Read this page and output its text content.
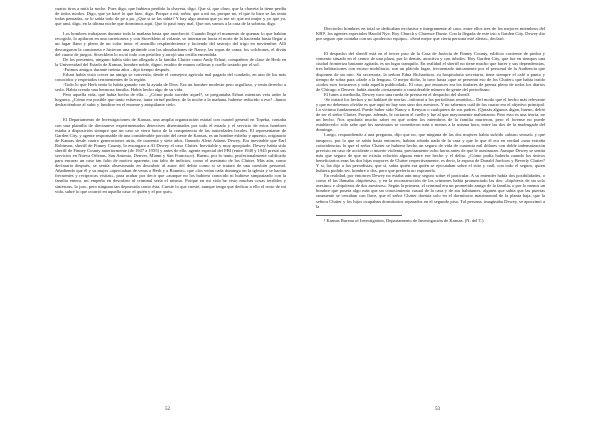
cuatro tiros a mitá la noche. Pues digo, que hubiera perdido la chaveta, digo. Que sí, que claro, que la chaveta la tiene perdía de todos modos. Digo, que ya hacé lo que hizo, digo. Porque a mí, señor, que a mí no, porque no, el que lo hizo se las tenía todas pensadas, se lo sabía todo de pe a pa. ¿Que si se las sabía? Y hay algo ansina que yo me sé: que mi mujer y yo que ya, que ansí, digo, en la última noche que dormimos aquí. Que lo pasó muy mal. Que nos vamos a la casa de la sobrina, digo.

Los hombres trabajaron durante toda la mañana hasta que anocheció. Cuando llegó el momento de quemar lo que habían recogido, lo apilaron en una carretonera y con Stoecklein al volante, se internaron hacia el norte de la hacienda hasta llegar a un lugar llano y pleno de un color tinto: el amarillo resplandeciente y luciendo del rastrojo del trigo en noviembre. Allí descargaron la camioneta e hicieron una pirámide con los almohadones de Nancy, las ropas de cama, los colchones, el diván del cuarto de juegos. Stoecklein lo roció todo con petróleo y arrojó una cerilla encendida.

De los presentes, ninguno había sido tan allegado a la familia Clutter como Andy Erhart, compañero de clase de Herb en la Universidad del Estado de Kansas, hombre noble, digno, erudito de manos callosas y cuello tostado por el sol.

-Fuimos amigos durante treinta años –dijo tiempo después.

Erhart había visto crecer un amigo se convertía, desde el consejero agrícola mal pagado del condado, en uno de los más conocidos y respetados terratenientes de la región.

-Todo lo que Herb tenía lo había ganado con la ayuda de Dios. Era un hombre modesto pero orgulloso, y tenía derecho a serlo. Había creado una hermosa familia. Había hecho algo de su vida.

Pero aquella vida, qué había hecho de ella… ¿Cómo pudo suceder aquel?, se preguntaba Erhart mientras veía arder la hoguera. ¿Cómo era posible que tanto esfuerzo, tanta virtud pudiera, de la noche a la mañana, haberse reducido a eso? –humo deshaciéndose al subir y fundirse en el enorme y aniquilante cielo.

El Departamento de Investigaciones de Kansas, una amplia organización estatal con cuartel general en Topeka, contaba con una plantilla de diecinueve experimentados detectives diseminados por todo el estado y el servicio de estos hombres estaba a disposición siempre que un caso se viera fuera de la competencia de las autoridades locales. El representante de Garden City, y agente responsable de una considerable porción del oeste de Kansas, es un hombre esbelto y apuesto, originario de Kansas desde cuatro generaciones atrás, de cuarenta y siete años, llamado Alvin Adams Dewey. Era inevitable que Earl Robinson, sheriff de Finney County, lo encargara a Al Dewey el caso Clutter. Inevitable y muy apropiado. Dewey había sido sheriff de Finney County anteriormente (de 1947 a 1955) y antes de ello, agente especial del FBI (entre 1940 y 1945 prestó sus servicios en Nueva Orleans, San Antonio, Denver, Miami y San Francisco). Bueno, por lo tanto, profesionalmente calificado para encarar un caso tan falto de motivo aparente, tan falto de indicios, como el asesinato de los Clutter. Más aún, como declararía después, se sentía obsesionado en descubrir al autor del delito como si se tratara de una cuestión personal. Añadiendo que él y su mujer «apreciaban de veras a Herb y a Bonnie», que «los veían cada domingo en la iglesia y se hacían frecuentes y recíprocas visitas», para acabar por decir que «aunque no los hubiera conocido ni hubiese simpatizado con la familia entera, mi empeño en descubrir al criminal sería el mismo. Porque en mi vida he visto muchas cosas terribles y siniestras, lo juro, pero ninguna tan depravada como ésta. Cueste lo que cueste, aunque tenga que dedicar a ello el resto de mi vida, sabré lo que ocurrió en aquella casa: el quién y el por qué».

52

Dieciocho hombres en total se dedicaban exclusiva e íntegramente al caso, entre ellos tres de los mejores miembros del KBI¹, los agentes especiales Harold Nye, Roy Church y Clarence Duntz. Con la llegada de este trío a Garden City, Dewey dio por seguro que contaba con un «poderoso equipo». «Será mejor que cierta persona esté alerta», declaró.

El despacho del sheriff está en el tercer piso de la Casa de Justicia de Finney County, edificio corriente de piedra y cemento situado en el centro de una plaza, por lo demás, atractiva y con árboles. Hoy Garden City, que fue en tiempos una ciudad fronteriza bastante agitada, es un lugar tranquilo. En realidad el sheriff no tiene mucho que hacer y sus dependencias, tres habitaciones con escaso mobiliario, son un plácido lugar, frecuentado únicamente por el personal de la Audiencia que disponen de un rato. Su secretaria, la señora Edna Richardson, su hospitalaria secretaria, tiene siempre el café a punto y tiempo de sobra para «darle a la lengua». O mejor dicho, lo tuvo hasta «que se presentó eso de los Clutter» que había traído «todos esos forasteros y toda aquella publicidad». El caso, por entonces era los titulares de prensa pleno de todos los diarios de Chicago o Denver, había atraído ciertamente a considerable número de gente del periodismo.

El lunes a mediodía, Dewey tuvo una rueda de prensa en el despacho del sheriff.

-Se tratará los hechos y no hablaré de teorías –informó a los periodistas reunidos–. Del modo que el hecho más relevante y que no debemos olvidar es que aquí no hay uno sino dos asesinos. Y no sabemos cuál de los cuatro era el objetivo principal. La víctima fundamental. Puede haber sido Nancy o Kenyon o cualquiera de sus padres. (Quizás algunos digan, bueno, debió de ser el señor Clutter. Porque, además, le cortaron el cuello y fue al que mayormente maltrataron. Pero esto es una teoría, no un hecho. Nos ayudaría mucho saber en qué orden los miembros de la familia murieron, pero el forense no puede establecerlo: sólo sabe que los asesinatos se cometieron más o menos a la misma hora, entre las dos de la madrugada del domingo.

Luego, respondiendo a una pregunta, dijo que no, que ninguna de las dos mujeres había sufrido «abuso sexual» y que tampoco, por lo que se sabía hasta entonces, habían robado nada de la casa y que lo que él era en verdad «una extraña coincidencia» lo que el señor Clutter se hubiera hecho un seguro de vida de cuarenta mil dólares con doble indemnización previsto en caso de accidente o muerte violenta, precisamente ocho horas antes de que le asesinaran. Aunque Dewey se sentía más que seguro de que no existía relación alguna entre ese hecho y el delito. ¿Cómo podía haberla cuando los únicos beneficiarios eran las dos hijas mayores de Clutter respectivamente, es decir, la esposa de Donald Jarchow y Beverly Clutter? Y si, las dijo a los periodistas, que sí, sabía quién era quién se ejecutaban sobre el sitio y cuál, con todo el seguro, quien hubiera podido ser, hombre o dos, pero que prefería no exponerlo.

En realidad, por entonces Dewey no estaba aún muy seguro sobre el particular. A su entender había dos posibilidades, o como él las llamaba «hipótesis», y en la reconstrucción de los crímenes había pronunciado las dos: «hipótesis de un solo asesino» e «hipótesis de dos asesinos». Según la primera, el criminal era un prometido amigo de la familia, o por lo menos un hombre que poseía algo más que un conocimiento casual de la casa y de sus habitantes, alguien que sabía que las puertas raramente se cerraban con llave, que el señor Clutter dormía solo en el dormitorio matrimonial de la planta baja, que la señora Clutter y los hijos ocupaban dormitorios separados en el segundo piso. Tal persona, imaginaba Dewey, se aproximó a la

¹ Kansas Bureau of Investigation, Departamento de Investigación de Kansas. (N. del T.)

53
